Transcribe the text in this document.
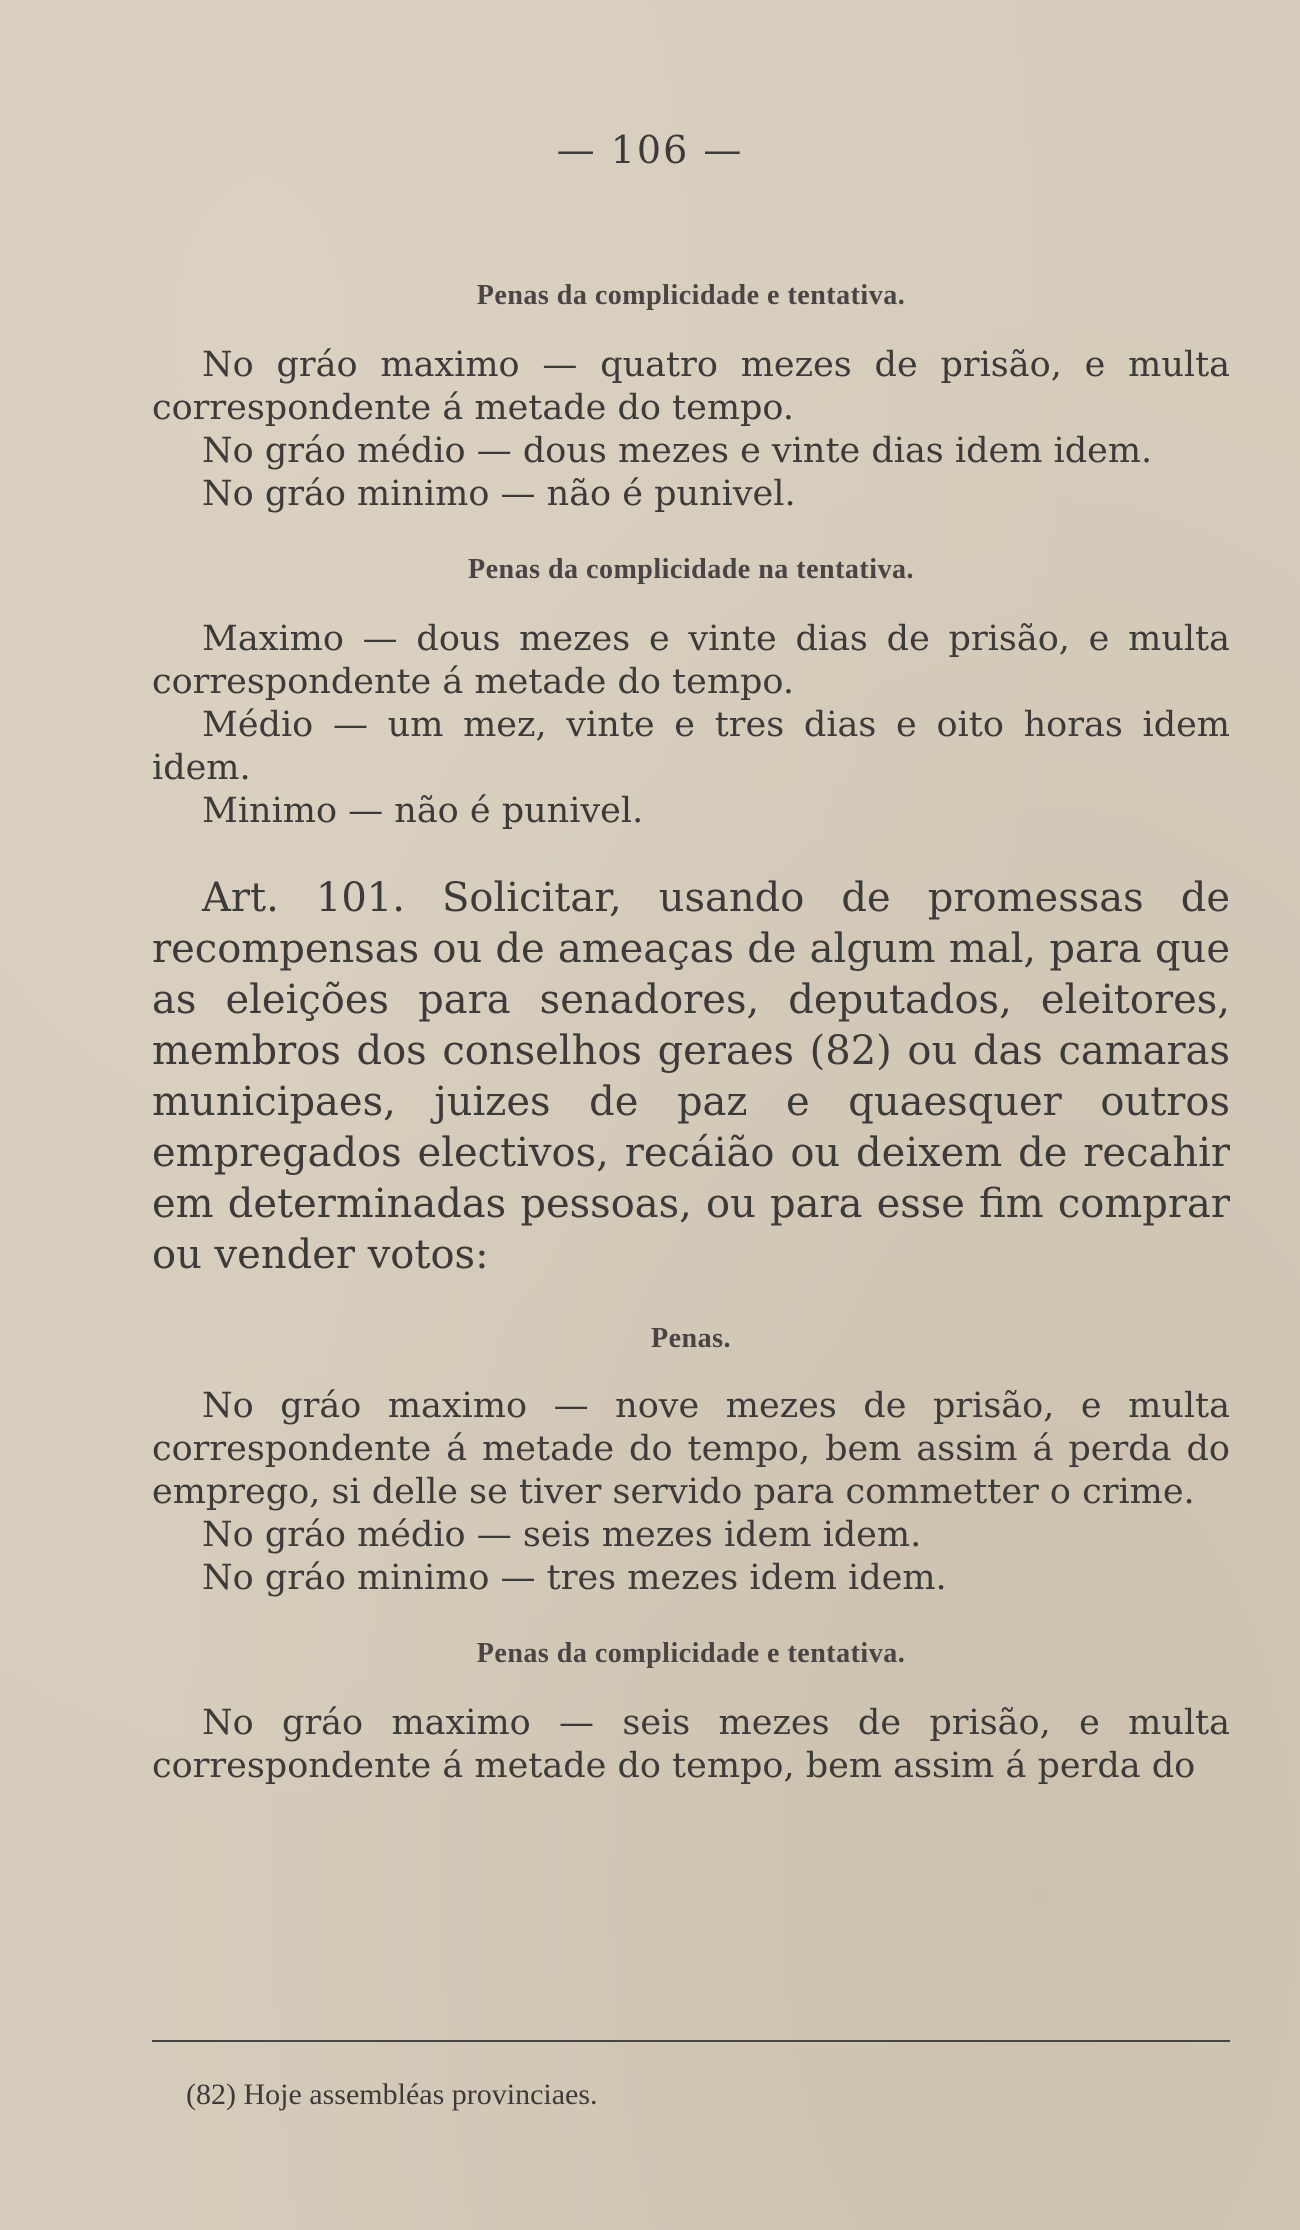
— 106 —

Penas da complicidade e tentativa.

No gráo maximo — quatro mezes de prisão, e multa correspondente á metade do tempo.

No gráo médio — dous mezes e vinte dias idem idem.

No gráo minimo — não é punivel.

Penas da complicidade na tentativa.

Maximo — dous mezes e vinte dias de prisão, e multa correspondente á metade do tempo.

Médio — um mez, vinte e tres dias e oito horas idem idem.

Minimo — não é punivel.

Art. 101. Solicitar, usando de promessas de recompensas ou de ameaças de algum mal, para que as eleições para senadores, deputados, eleitores, membros dos conselhos geraes (82) ou das camaras municipaes, juizes de paz e quaesquer outros empregados electivos, recáião ou deixem de recahir em determinadas pessoas, ou para esse fim comprar ou vender votos:

Penas.

No gráo maximo — nove mezes de prisão, e multa correspondente á metade do tempo, bem assim á perda do emprego, si delle se tiver servido para commetter o crime.

No gráo médio — seis mezes idem idem.

No gráo minimo — tres mezes idem idem.

Penas da complicidade e tentativa.

No gráo maximo — seis mezes de prisão, e multa correspondente á metade do tempo, bem assim á perda do

(82) Hoje assembléas provinciaes.
